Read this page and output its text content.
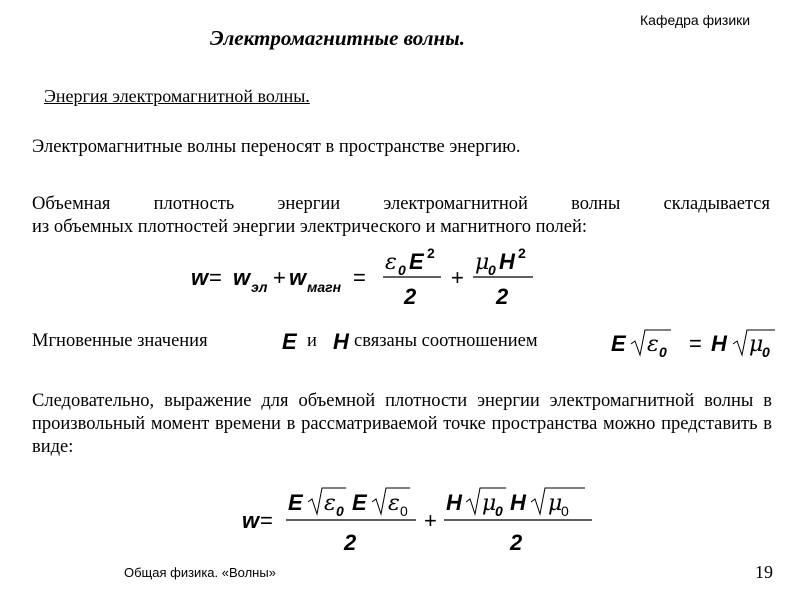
Кафедра физики
Электромагнитные волны.
Энергия электромагнитной волны.
Электромагнитные волны переносят в пространстве энергию.
Объемная плотность энергии электромагнитной волны складывается
из объемных плотностей энергии электрического и магнитного полей:
w = w эл + w магн =
ε 0 E 2
2
+
μ
0 H 2
2
Мгновенные значения	E и H связаны соотношением	E ε 0 = H μ
0
Следовательно, выражение для объемной плотности энергии электромагнитной волны в произвольный момент времени в рассматриваемой точке пространства можно представить в виде:
w =
E ε 0 E ε 0
2
+
H μ
0 H μ
0
2
Общая физика. «Волны»	19
